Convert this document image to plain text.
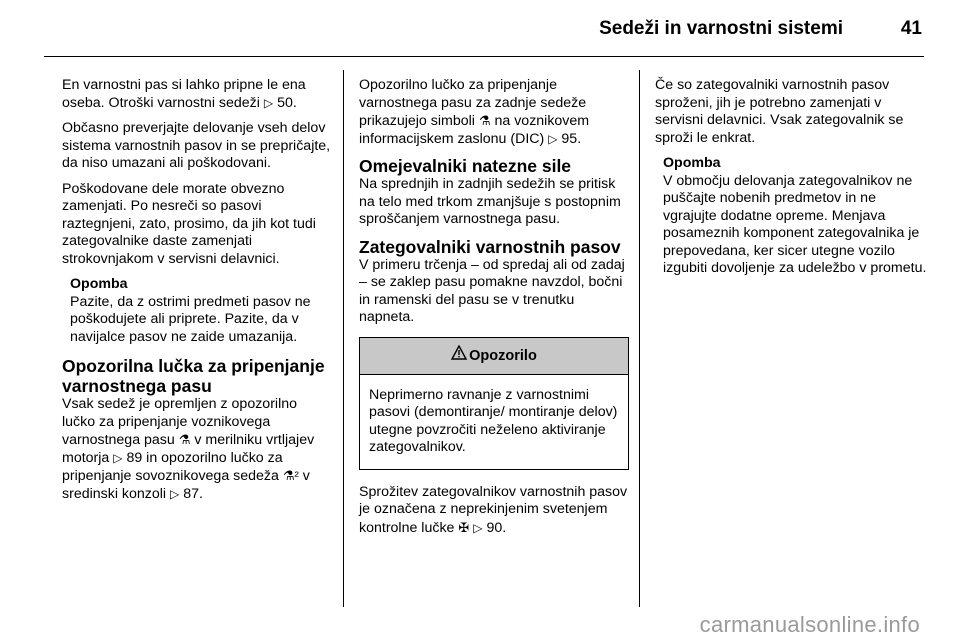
Sedeži in varnostni sistemi	41

En varnostni pas si lahko pripne le ena oseba. Otroški varnostni sedeži ▷ 50.

Občasno preverjajte delovanje vseh delov sistema varnostnih pasov in se prepričajte, da niso umazani ali poškodovani.

Poškodovane dele morate obvezno zamenjati. Po nesreči so pasovi raztegnjeni, zato, prosimo, da jih kot tudi zategovalnike daste zamenjati strokovnjakom v servisni delavnici.

Opomba
Pazite, da z ostrimi predmeti pasov ne poškodujete ali priprete. Pazite, da v navijalce pasov ne zaide umazanija.
Opozorilna lučka za pripenjanje varnostnega pasu

Vsak sedež je opremljen z opozorilno lučko za pripenjanje voznikovega varnostnega pasu ⚗ v merilniku vrtljajev motorja ▷ 89 in opozorilno lučko za pripenjanje sovoznikovega sedeža ⚗² v sredinski konzoli ▷ 87.

Opozorilno lučko za pripenjanje varnostnega pasu za zadnje sedeže prikazujejo simboli ⚗ na voznikovem informacijskem zaslonu (DIC) ▷ 95.

Omejevalniki natezne sile

Na sprednjih in zadnjih sedežih se pritisk na telo med trkom zmanjšuje s postopnim sproščanjem varnostnega pasu.

Zategovalniki varnostnih pasov

V primeru trčenja – od spredaj ali od zadaj – se zaklep pasu pomakne navzdol, bočni in ramenski del pasu se v trenutku napneta.

Opozorilo
Neprimerno ravnanje z varnostnimi pasovi (demontiranje/ montiranje delov) utegne povzročiti neželeno aktiviranje zategovalnikov.

Sprožitev zategovalnikov varnostnih pasov je označena z neprekinjenim svetenjem kontrolne lučke ✠ ▷ 90.

Če so zategovalniki varnostnih pasov sproženi, jih je potrebno zamenjati v servisni delavnici. Vsak zategovalnik se sproži le enkrat.

Opomba
V območju delovanja zategovalnikov ne puščajte nobenih predmetov in ne vgrajujte dodatne opreme. Menjava posameznih komponent zategovalnika je prepovedana, ker sicer utegne vozilo izgubiti dovoljenje za udeležbo v prometu.
carmanualsonline.info
